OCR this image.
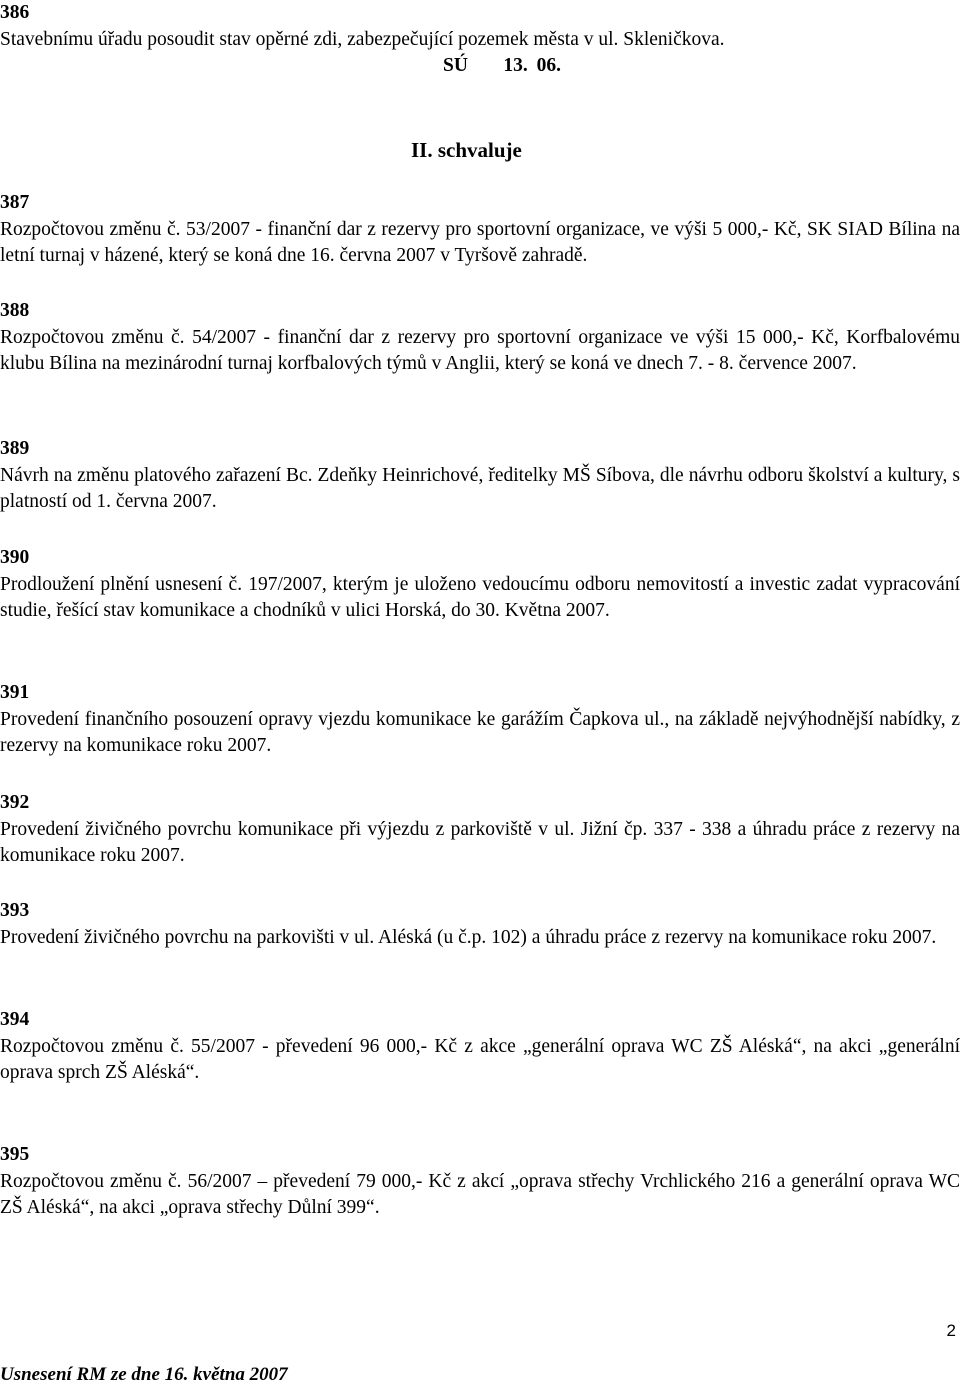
386
Stavebnímu úřadu posoudit stav opěrné zdi, zabezpečující pozemek města v ul. Skleničkova.
SÚ    13. 06.
II. schvaluje
387
Rozpočtovou změnu č. 53/2007 - finanční dar z rezervy pro sportovní organizace, ve výši 5 000,- Kč, SK SIAD Bílina na letní turnaj v házené, který se koná dne 16. června 2007 v Tyršově zahradě.
388
Rozpočtovou změnu č. 54/2007 - finanční dar z rezervy pro sportovní organizace ve výši 15 000,- Kč, Korfbalovému klubu Bílina na mezinárodní turnaj korfbalových týmů v Anglii, který se koná ve dnech 7. - 8. července 2007.
389
Návrh na změnu platového zařazení Bc. Zdeňky Heinrichové, ředitelky MŠ Síbova, dle návrhu odboru školství a kultury, s platností od 1. června 2007.
390
Prodloužení plnění usnesení č. 197/2007, kterým je uloženo vedoucímu odboru nemovitostí a investic zadat vypracování studie, řešící stav komunikace a chodníků v ulici Horská, do 30. Května 2007.
391
Provedení finančního posouzení opravy vjezdu komunikace ke garážím Čapkova ul., na základě nejvýhodnější nabídky, z rezervy na komunikace roku 2007.
392
Provedení živičného povrchu komunikace při výjezdu z parkoviště v ul. Jižní čp. 337 - 338 a úhradu práce z rezervy na komunikace roku 2007.
393
Provedení živičného povrchu na parkovišti v ul. Aléská (u č.p. 102) a úhradu práce z rezervy na komunikace roku 2007.
394
Rozpočtovou změnu č. 55/2007 - převedení 96 000,- Kč z akce „generální oprava WC ZŠ Aléská“, na akci „generální oprava sprch ZŠ Aléská“.
395
Rozpočtovou změnu č. 56/2007 – převedení 79 000,- Kč z akcí „oprava střechy Vrchlického 216 a generální oprava WC ZŠ Aléská“, na akci „oprava střechy Důlní 399“.
2
Usnesení RM ze dne 16. května 2007
